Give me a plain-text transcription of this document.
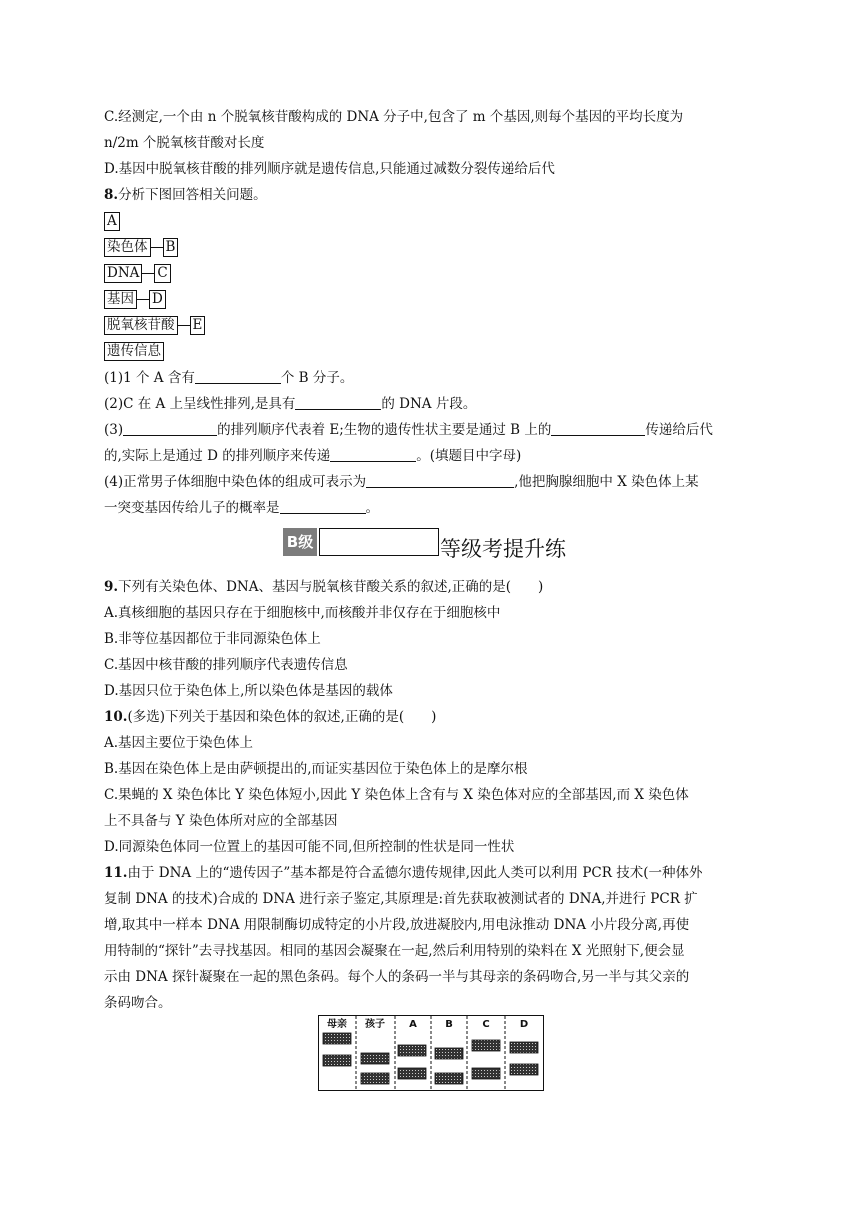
C.经测定,一个由 n 个脱氧核苷酸构成的 DNA 分子中,包含了 m 个基因,则每个基因的平均长度为
n/2m 个脱氧核苷酸对长度
D.基因中脱氧核苷酸的排列顺序就是遗传信息,只能通过减数分裂传递给后代
8.分析下图回答相关问题。
A
染色体 B
DNA C
基因 D
脱氧核苷酸 E
遗传信息
(1)1 个 A 含有	个 B 分子。
(2)C 在 A 上呈线性排列,是具有	的 DNA 片段。
(3)	的排列顺序代表着 E;生物的遗传性状主要是通过 B 上的	传递给后代
的,实际上是通过 D 的排列顺序来传递	。(填题目中字母)
(4)正常男子体细胞中染色体的组成可表示为	,他把胸腺细胞中 X 染色体上某
一突变基因传给儿子的概率是	。
B级	等级考提升练
9.下列有关染色体、DNA、基因与脱氧核苷酸关系的叙述,正确的是(　　)
A.真核细胞的基因只存在于细胞核中,而核酸并非仅存在于细胞核中
B.非等位基因都位于非同源染色体上
C.基因中核苷酸的排列顺序代表遗传信息
D.基因只位于染色体上,所以染色体是基因的载体
10.(多选)下列关于基因和染色体的叙述,正确的是(　　)
A.基因主要位于染色体上
B.基因在染色体上是由萨顿提出的,而证实基因位于染色体上的是摩尔根
C.果蝇的 X 染色体比 Y 染色体短小,因此 Y 染色体上含有与 X 染色体对应的全部基因,而 X 染色体
上不具备与 Y 染色体所对应的全部基因
D.同源染色体同一位置上的基因可能不同,但所控制的性状是同一性状
11.由于 DNA 上的“遗传因子”基本都是符合孟德尔遗传规律,因此人类可以利用 PCR 技术(一种体外
复制 DNA 的技术)合成的 DNA 进行亲子鉴定,其原理是:首先获取被测试者的 DNA,并进行 PCR 扩
增,取其中一样本 DNA 用限制酶切成特定的小片段,放进凝胶内,用电泳推动 DNA 小片段分离,再使
用特制的“探针”去寻找基因。相同的基因会凝聚在一起,然后利用特别的染料在 X 光照射下,便会显
示由 DNA 探针凝聚在一起的黑色条码。每个人的条码一半与其母亲的条码吻合,另一半与其父亲的
条码吻合。
母亲 孩子 A	B	C	D
